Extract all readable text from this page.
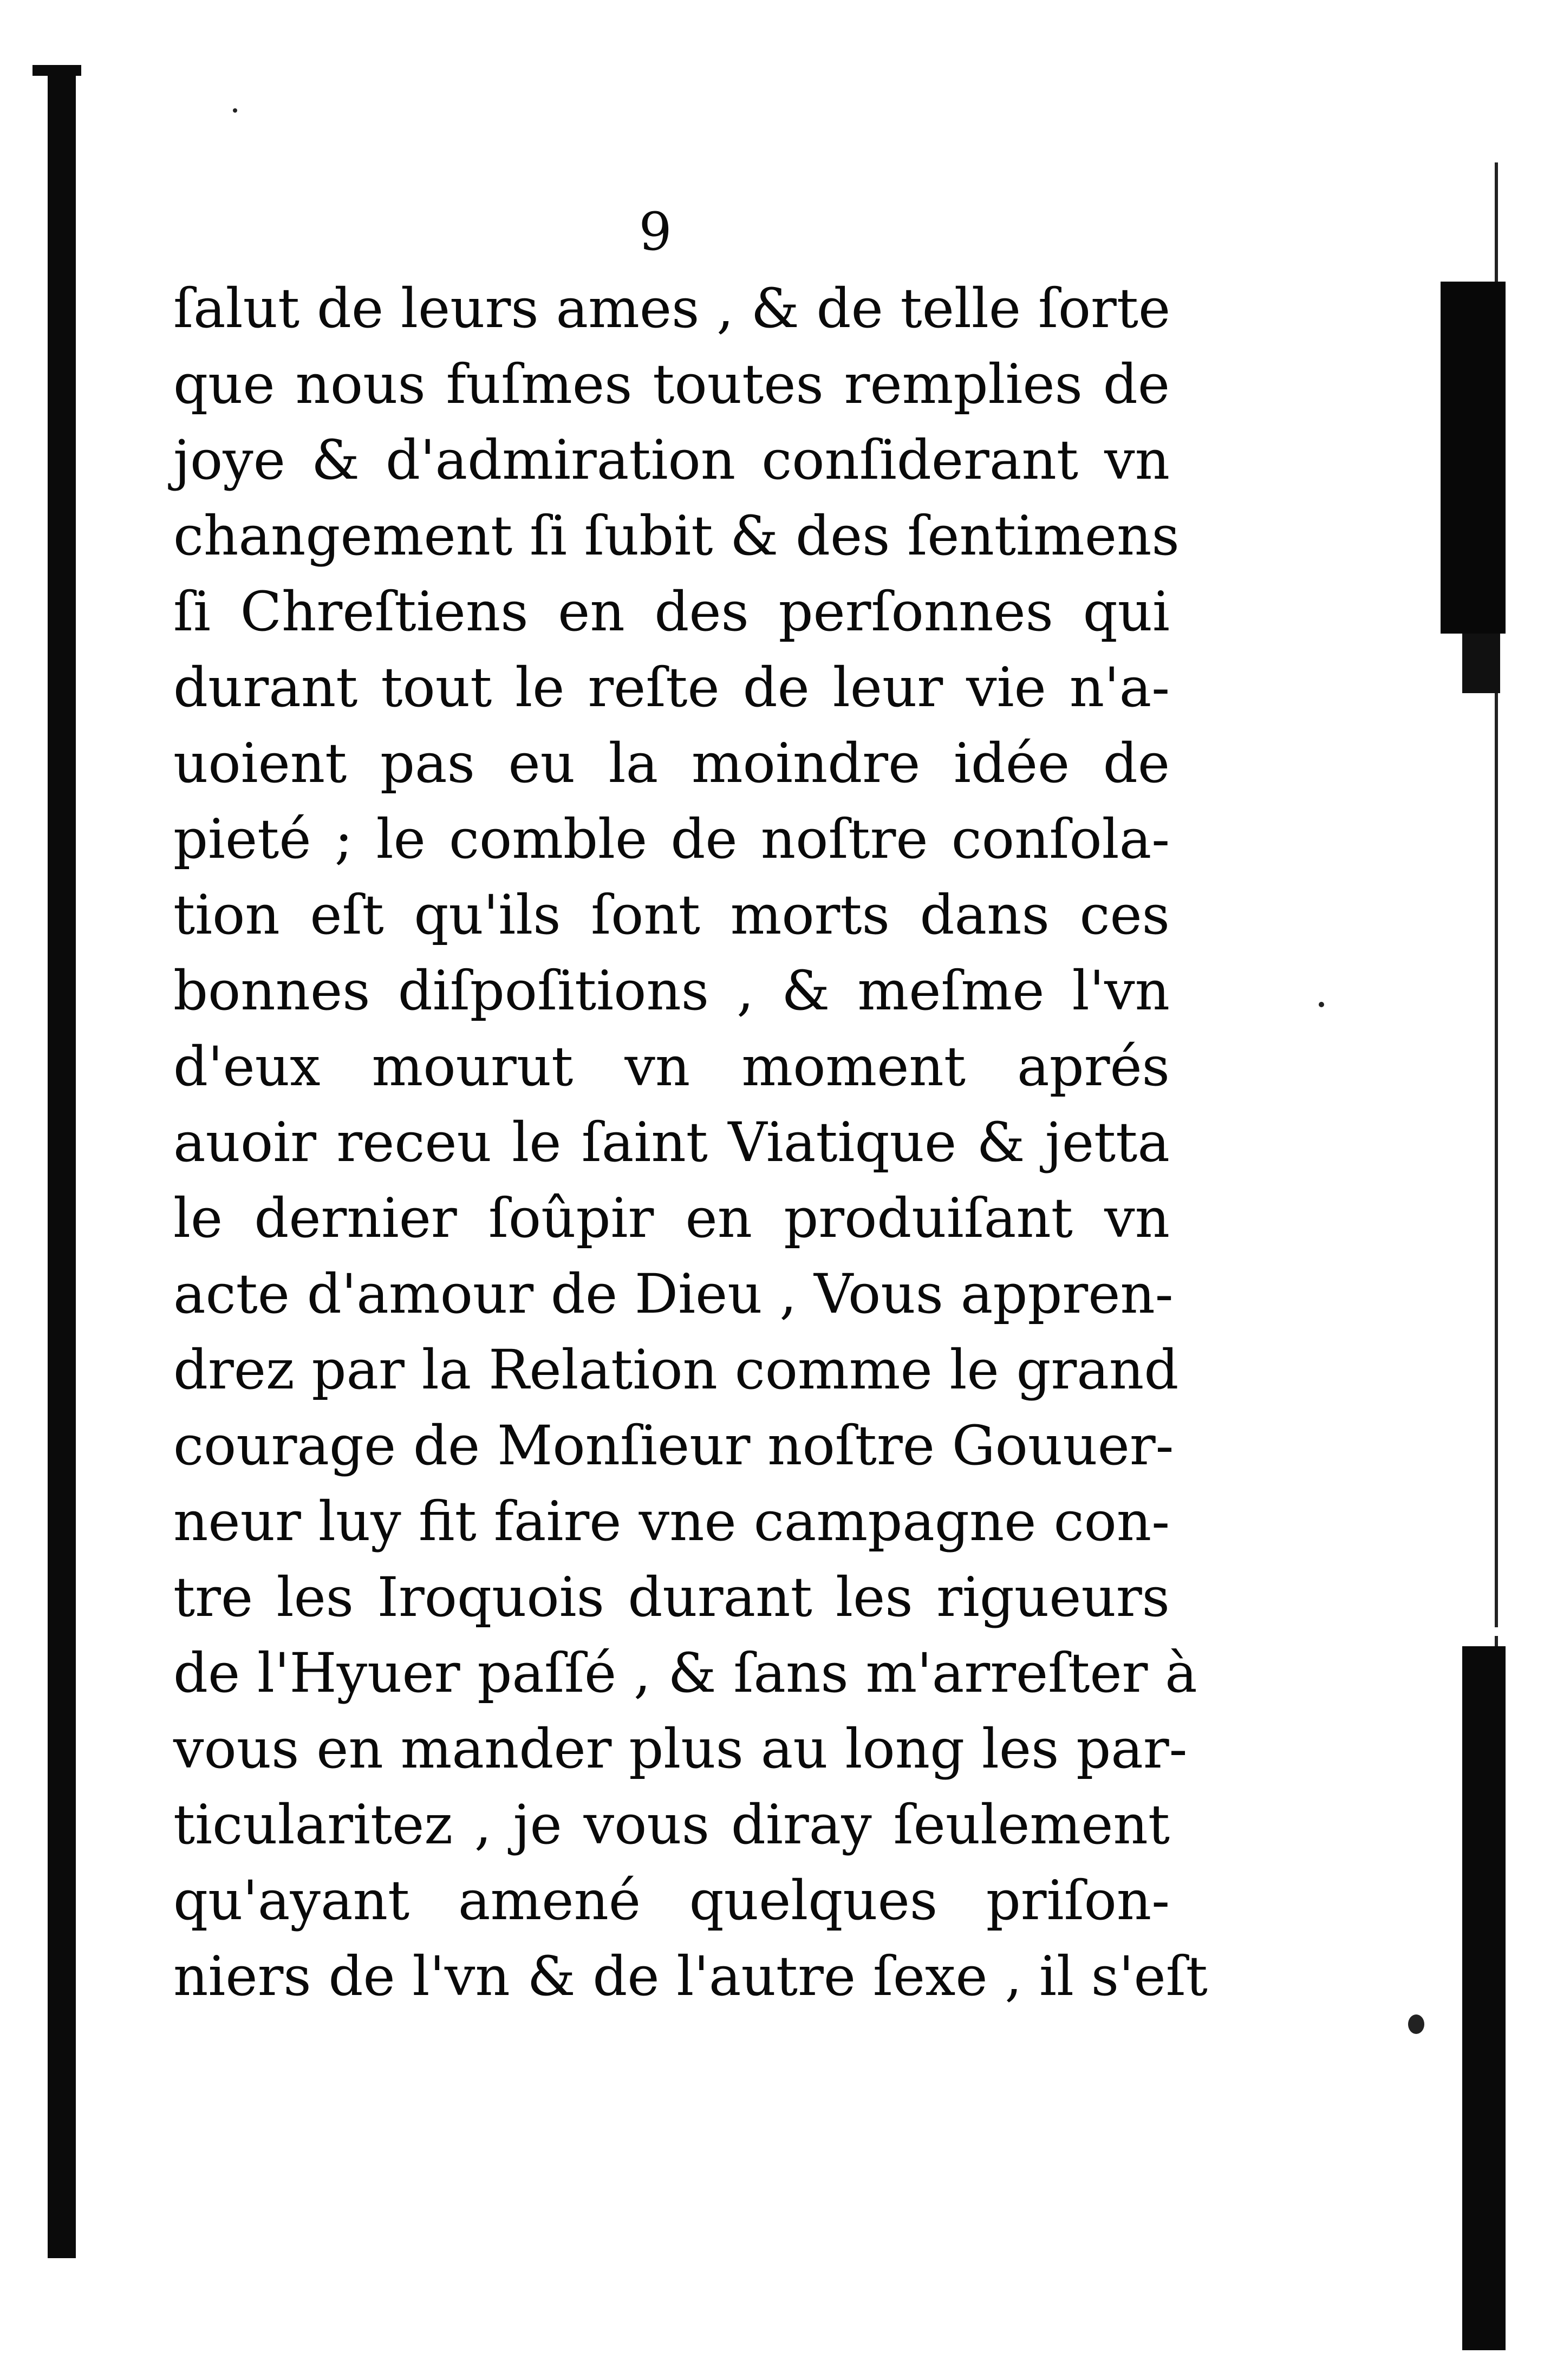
9
ſalut de leurs ames , & de telle ſorte
que nous fuſmes toutes remplies de
joye & d'admiration conſiderant vn
changement ſi ſubit & des ſentimens
ſi Chreſtiens en des perſonnes qui
durant tout le reſte de leur vie n'a-
uoient pas eu la moindre idée de
pieté ; le comble de noſtre conſola-
tion eſt qu'ils ſont morts dans ces
bonnes diſpoſitions , & meſme l'vn
d'eux mourut vn moment aprés
auoir receu le ſaint Viatique & jetta
le dernier ſoûpir en produiſant vn
acte d'amour de Dieu , Vous appren-
drez par la Relation comme le grand
courage de Monſieur noſtre Gouuer-
neur luy fit faire vne campagne con-
tre les Iroquois durant les rigueurs
de l'Hyuer paſſé , & ſans m'arreſter à
vous en mander plus au long les par-
ticularitez , je vous diray ſeulement
qu'ayant amené quelques priſon-
niers de l'vn & de l'autre ſexe , il s'eſt
